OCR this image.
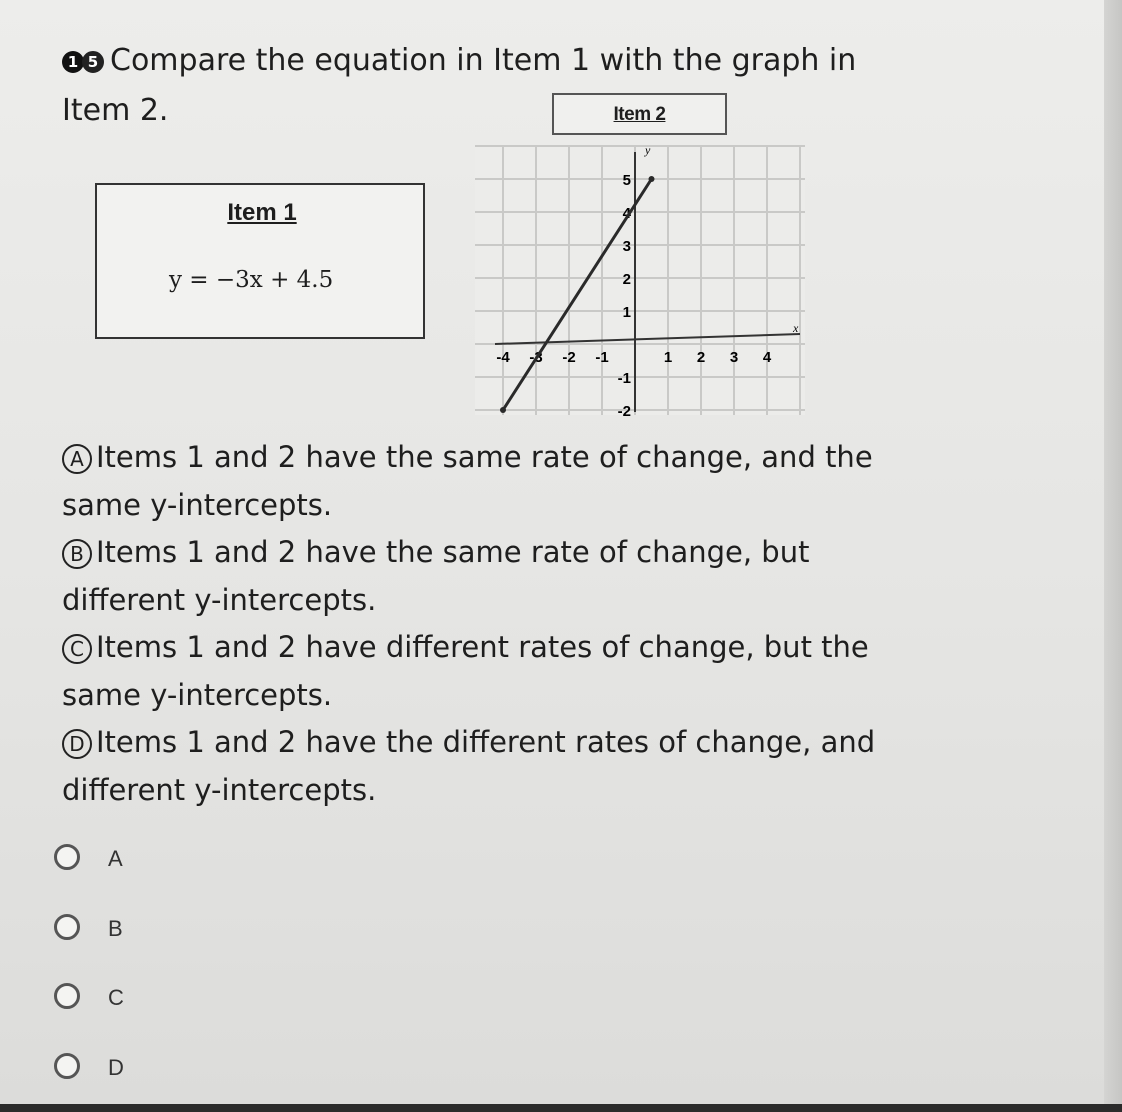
1 5 Compare the equation in Item 1 with the graph in Item 2.
Item 1
y = −3x + 4.5
Item 2
x
y
-4 -3 -2 -1	1 2 3 4
5
4
3
2
1
-1
-2
A Items 1 and 2 have the same rate of change, and the same y-intercepts.
B Items 1 and 2 have the same rate of change, but different y-intercepts.
C Items 1 and 2 have different rates of change, but the same y-intercepts.
D Items 1 and 2 have the different rates of change, and different y-intercepts.
A
B
C
D
